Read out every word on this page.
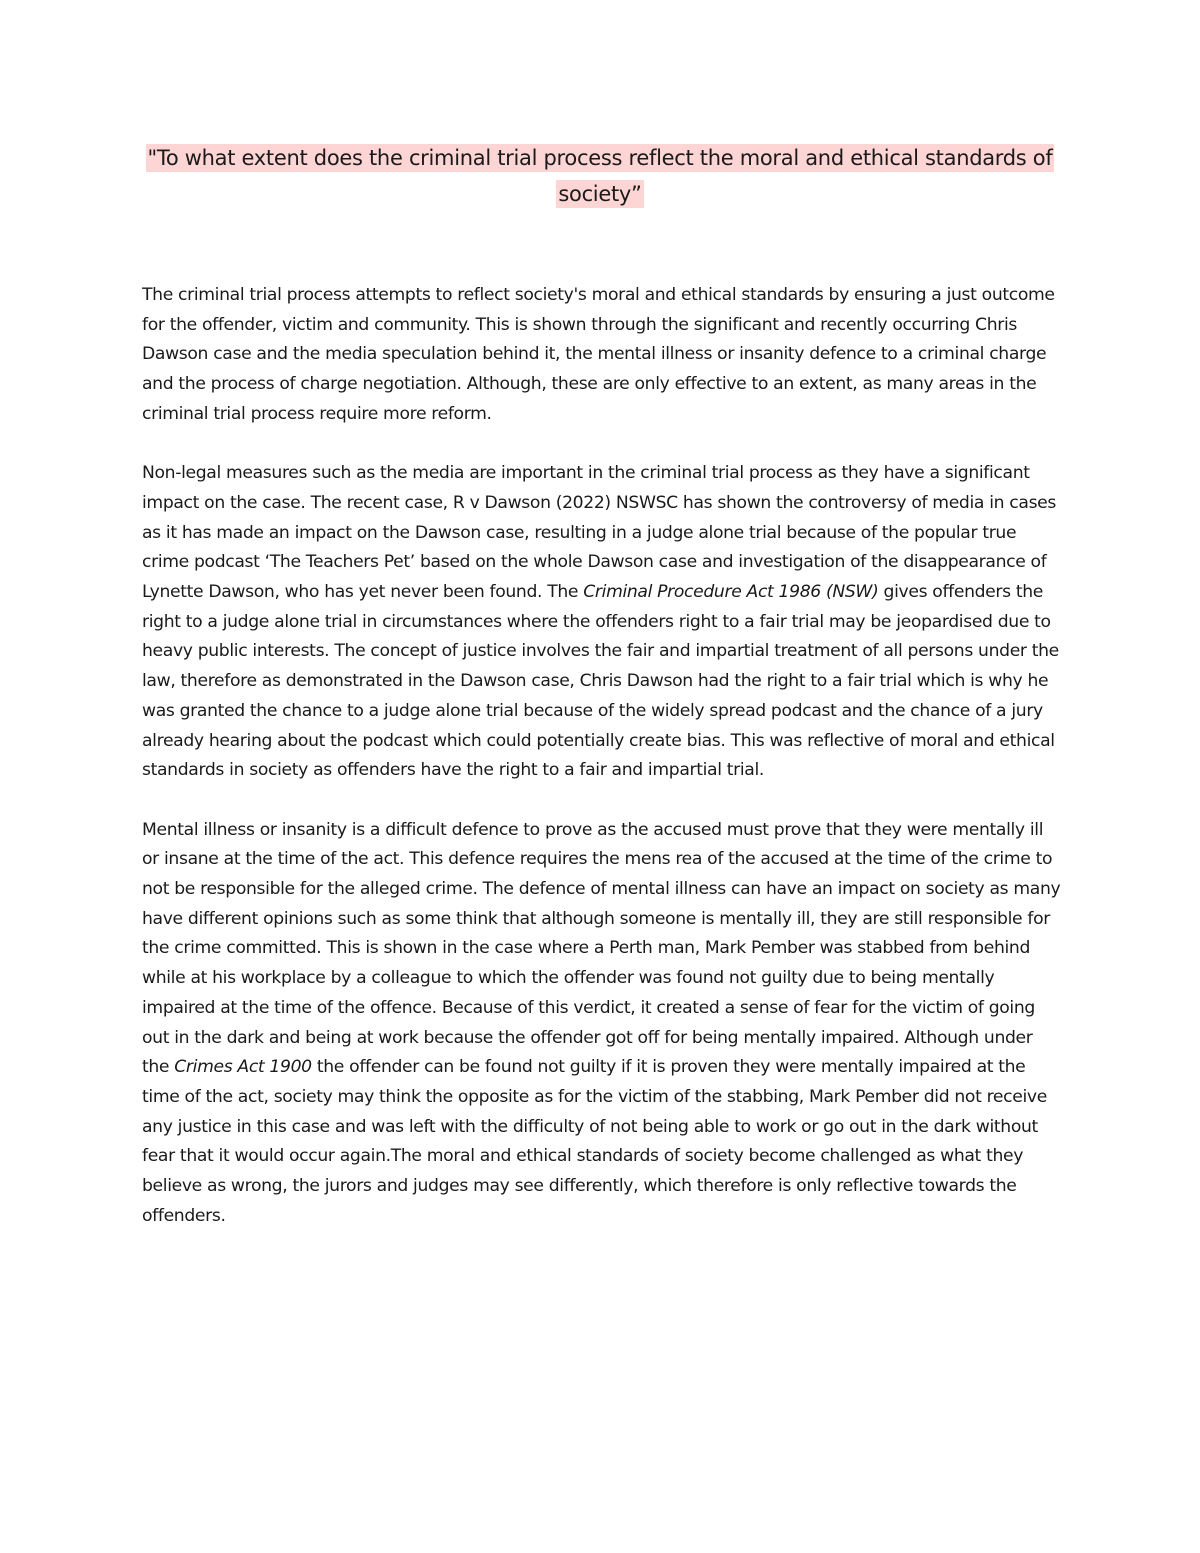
"To what extent does the criminal trial process reflect the moral and ethical standards of society”

The criminal trial process attempts to reflect society's moral and ethical standards by ensuring a just outcome for the offender, victim and community. This is shown through the significant and recently occurring Chris Dawson case and the media speculation behind it, the mental illness or insanity defence to a criminal charge and the process of charge negotiation. Although, these are only effective to an extent, as many areas in the criminal trial process require more reform.

Non-legal measures such as the media are important in the criminal trial process as they have a significant impact on the case. The recent case, R v Dawson (2022) NSWSC has shown the controversy of media in cases as it has made an impact on the Dawson case, resulting in a judge alone trial because of the popular true crime podcast ‘The Teachers Pet’ based on the whole Dawson case and investigation of the disappearance of Lynette Dawson, who has yet never been found. The Criminal Procedure Act 1986 (NSW) gives offenders the right to a judge alone trial in circumstances where the offenders right to a fair trial may be jeopardised due to heavy public interests. The concept of justice involves the fair and impartial treatment of all persons under the law, therefore as demonstrated in the Dawson case, Chris Dawson had the right to a fair trial which is why he was granted the chance to a judge alone trial because of the widely spread podcast and the chance of a jury already hearing about the podcast which could potentially create bias. This was reflective of moral and ethical standards in society as offenders have the right to a fair and impartial trial.

Mental illness or insanity is a difficult defence to prove as the accused must prove that they were mentally ill or insane at the time of the act. This defence requires the mens rea of the accused at the time of the crime to not be responsible for the alleged crime. The defence of mental illness can have an impact on society as many have different opinions such as some think that although someone is mentally ill, they are still responsible for the crime committed. This is shown in the case where a Perth man, Mark Pember was stabbed from behind while at his workplace by a colleague to which the offender was found not guilty due to being mentally impaired at the time of the offence. Because of this verdict, it created a sense of fear for the victim of going out in the dark and being at work because the offender got off for being mentally impaired. Although under the Crimes Act 1900 the offender can be found not guilty if it is proven they were mentally impaired at the time of the act, society may think the opposite as for the victim of the stabbing, Mark Pember did not receive any justice in this case and was left with the difficulty of not being able to work or go out in the dark without fear that it would occur again.The moral and ethical standards of society become challenged as what they believe as wrong, the jurors and judges may see differently, which therefore is only reflective towards the offenders.
